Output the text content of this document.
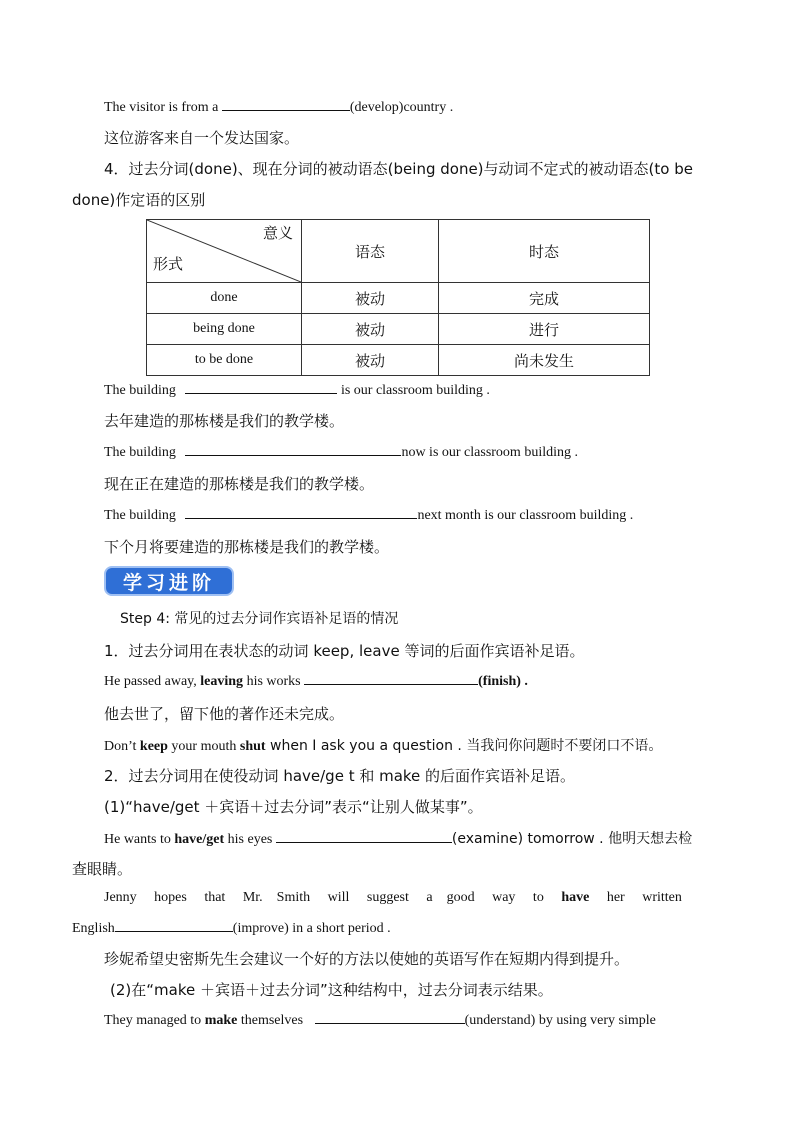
The visitor is from a	(develop)country .
这位游客来自一个发达国家。
4．过去分词(done)、现在分词的被动语态(being done)与动词不定式的被动语态(to be
done)作定语的区别
意义
形式	语态	时态
done	被动	完成
being done	被动	进行
to be done	被动	尚未发生
The building	is our classroom building .
去年建造的那栋楼是我们的教学楼。
The building	now is our classroom building .
现在正在建造的那栋楼是我们的教学楼。
The building	next month is our classroom building .
下个月将要建造的那栋楼是我们的教学楼。
学习进阶
Step 4: 常见的过去分词作宾语补足语的情况
1．过去分词用在表状态的动词 keep, leave 等词的后面作宾语补足语。
He passed away, leaving his works	(finish) .
他去世了，留下他的著作还未完成。
Don’t keep your mouth shut when I ask you a question . 当我问你问题时不要闭口不语。
2．过去分词用在使役动词 have/ge t 和 make 的后面作宾语补足语。
(1)“have/get ＋宾语＋过去分词”表示“让别人做某事”。
He wants to have/get his eyes	(examine) tomorrow . 他明天想去检
查眼睛。
Jenny     hopes     that     Mr.    Smith     will     suggest     a    good     way     to     have     her     written
English	(improve) in a short period .
珍妮希望史密斯先生会建议一个好的方法以使她的英语写作在短期内得到提升。
(2)在“make ＋宾语＋过去分词”这种结构中，过去分词表示结果。
They managed to make themselves	(understand) by using very simple
